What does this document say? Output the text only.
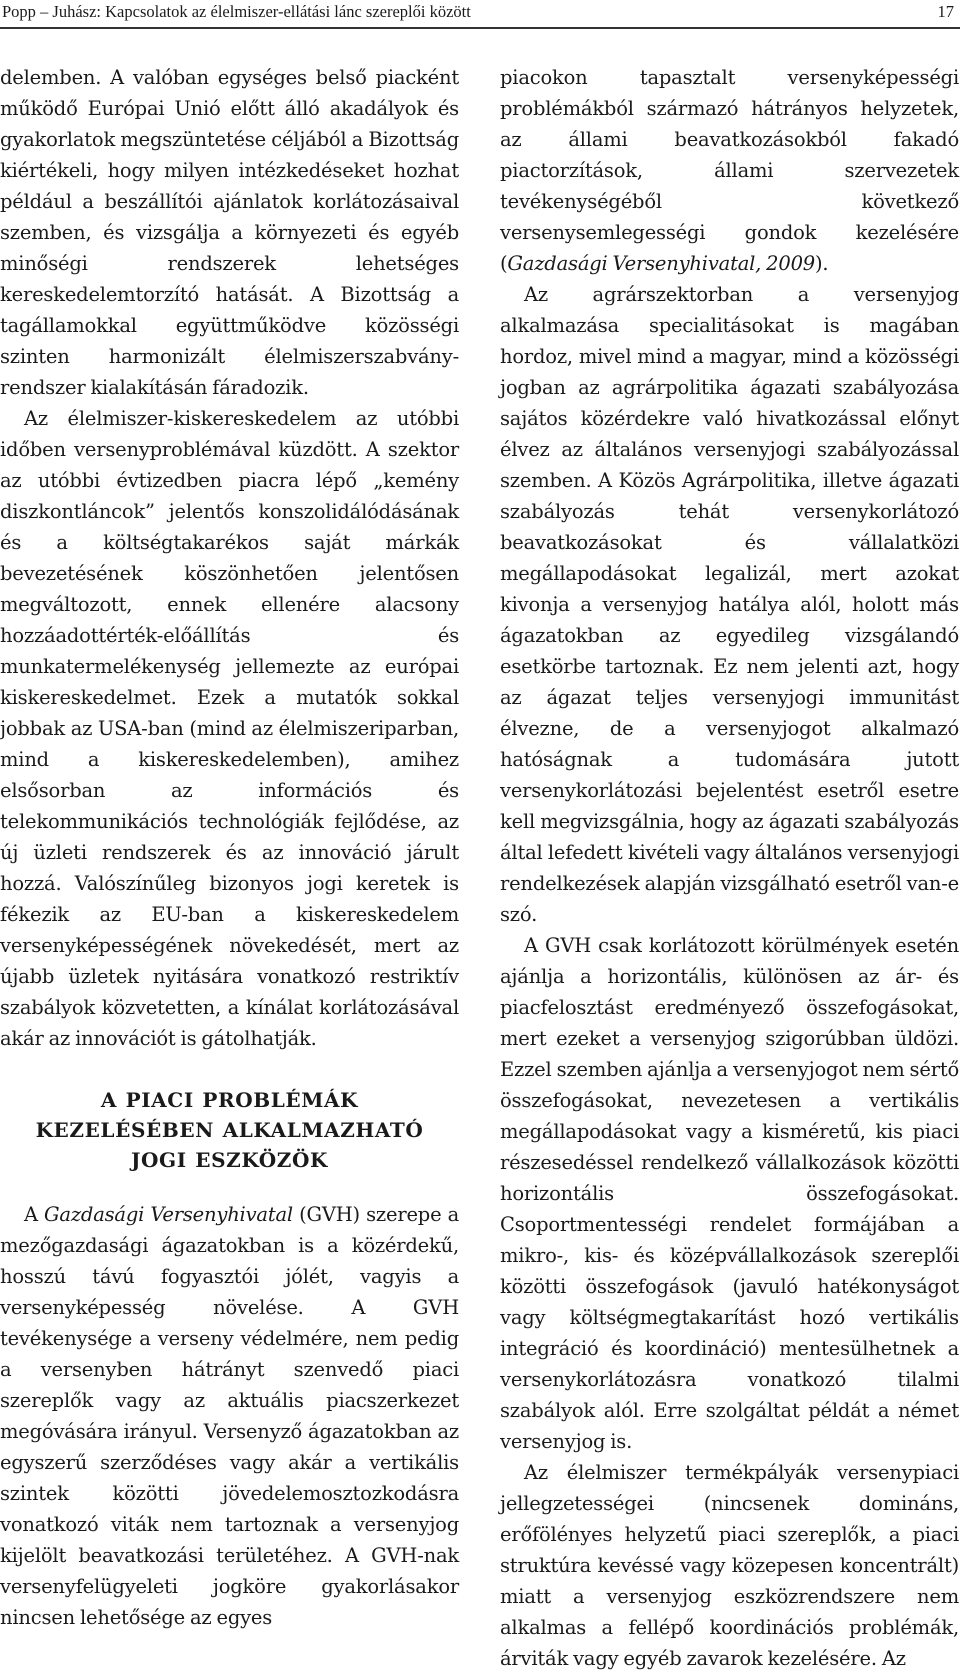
Popp – Juhász: Kapcsolatok az élelmiszer-ellátási lánc szereplői között	17

delemben. A valóban egységes belső piacként működő Európai Unió előtt álló akadályok és gyakorlatok megszüntetése céljából a Bizottság kiértékeli, hogy milyen intézkedéseket hozhat például a beszállítói ajánlatok korlátozásaival szemben, és vizsgálja a környezeti és egyéb minőségi rendszerek lehetséges kereskedelemtorzító hatását. A Bizottság a tagállamokkal együttműködve közösségi szinten harmonizált élelmiszerszabvány-rendszer kialakításán fáradozik.

Az élelmiszer-kiskereskedelem az utóbbi időben versenyproblémával küzdött. A szektor az utóbbi évtizedben piacra lépő „kemény diszkontláncok” jelentős konszolidálódásának és a költségtakarékos saját márkák bevezetésének köszönhetően jelentősen megváltozott, ennek ellenére alacsony hozzáadottérték-előállítás és munkatermelékenység jellemezte az európai kiskereskedelmet. Ezek a mutatók sokkal jobbak az USA-ban (mind az élelmiszeriparban, mind a kiskereskedelemben), amihez elsősorban az információs és telekommunikációs technológiák fejlődése, az új üzleti rendszerek és az innováció járult hozzá. Valószínűleg bizonyos jogi keretek is fékezik az EU-ban a kiskereskedelem versenyképességének növekedését, mert az újabb üzletek nyitására vonatkozó restriktív szabályok közvetetten, a kínálat korlátozásával akár az innovációt is gátolhatják.

A PIACI PROBLÉMÁK
KEZELÉSÉBEN ALKALMAZHATÓ
JOGI ESZKÖZÖK

A Gazdasági Versenyhivatal (GVH) szerepe a mezőgazdasági ágazatokban is a közérdekű, hosszú távú fogyasztói jólét, vagyis a versenyképesség növelése. A GVH tevékenysége a verseny védelmére, nem pedig a versenyben hátrányt szenvedő piaci szereplők vagy az aktuális piacszerkezet megóvására irányul. Versenyző ágazatokban az egyszerű szerződéses vagy akár a vertikális szintek közötti jövedelemosztozkodásra vonatkozó viták nem tartoznak a versenyjog kijelölt beavatkozási területéhez. A GVH-nak versenyfelügyeleti jogköre gyakorlásakor nincsen lehetősége az egyes

piacokon tapasztalt versenyképességi problémákból származó hátrányos helyzetek, az állami beavatkozásokból fakadó piactorzítások, állami szervezetek tevékenységéből következő versenysemlegességi gondok kezelésére (Gazdasági Versenyhivatal, 2009).

Az agrárszektorban a versenyjog alkalmazása specialitásokat is magában hordoz, mivel mind a magyar, mind a közösségi jogban az agrárpolitika ágazati szabályozása sajátos közérdekre való hivatkozással előnyt élvez az általános versenyjogi szabályozással szemben. A Közös Agrárpolitika, illetve ágazati szabályozás tehát versenykorlátozó beavatkozásokat és vállalatközi megállapodásokat legalizál, mert azokat kivonja a versenyjog hatálya alól, holott más ágazatokban az egyedileg vizsgálandó esetkörbe tartoznak. Ez nem jelenti azt, hogy az ágazat teljes versenyjogi immunitást élvezne, de a versenyjogot alkalmazó hatóságnak a tudomására jutott versenykorlátozási bejelentést esetről esetre kell megvizsgálnia, hogy az ágazati szabályozás által lefedett kivételi vagy általános versenyjogi rendelkezések alapján vizsgálható esetről van-e szó.

A GVH csak korlátozott körülmények esetén ajánlja a horizontális, különösen az ár- és piacfelosztást eredményező összefogásokat, mert ezeket a versenyjog szigorúbban üldözi. Ezzel szemben ajánlja a versenyjogot nem sértő összefogásokat, nevezetesen a vertikális megállapodásokat vagy a kisméretű, kis piaci részesedéssel rendelkező vállalkozások közötti horizontális összefogásokat. Csoportmentességi rendelet formájában a mikro-, kis- és középvállalkozások szereplői közötti összefogások (javuló hatékonyságot vagy költségmegtakarítást hozó vertikális integráció és koordináció) mentesülhetnek a versenykorlátozásra vonatkozó tilalmi szabályok alól. Erre szolgáltat példát a német versenyjog is.

Az élelmiszer termékpályák versenypiaci jellegzetességei (nincsenek domináns, erőfölényes helyzetű piaci szereplők, a piaci struktúra kevéssé vagy közepesen koncentrált) miatt a versenyjog eszközrendszere nem alkalmas a fellépő koordinációs problémák, árviták vagy egyéb zavarok kezelésére. Az
